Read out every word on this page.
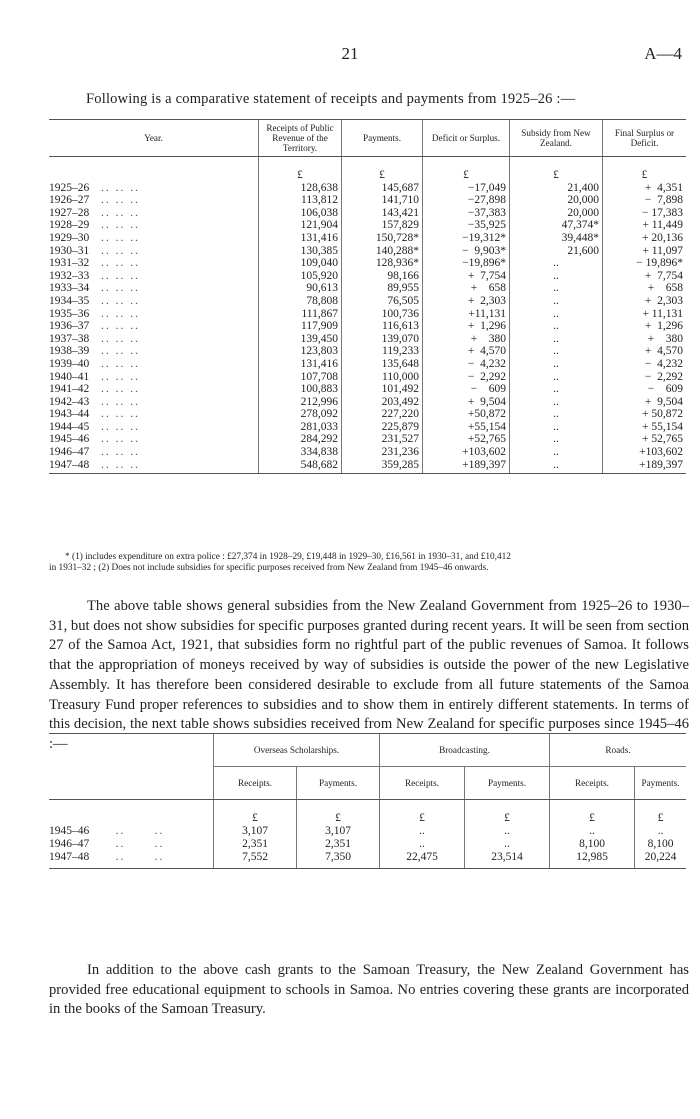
21	A—4
Following is a comparative statement of receipts and payments from 1925–26 :—
Year.	Receipts of Public Revenue of the Territory.	Payments.	Deficit or Surplus.	Subsidy from New Zealand.	Final Surplus or Deficit.
	£	£	£	£	£
1925–26 .. .. ..	128,638	145,687	−17,049	21,400	+  4,351
1926–27 .. .. ..	113,812	141,710	−27,898	20,000	−  7,898
1927–28 .. .. ..	106,038	143,421	−37,383	20,000	− 17,383
1928–29 .. .. ..	121,904	157,829	−35,925	47,374*	+ 11,449
1929–30 .. .. ..	131,416	150,728*	−19,312*	39,448*	+ 20,136
1930–31 .. .. ..	130,385	140,288*	−  9,903*	21,600	+ 11,097
1931–32 .. .. ..	109,040	128,936*	−19,896*	..	− 19,896*
1932–33 .. .. ..	105,920	98,166	+  7,754	..	+  7,754
1933–34 .. .. ..	90,613	89,955	+    658	..	+    658
1934–35 .. .. ..	78,808	76,505	+  2,303	..	+  2,303
1935–36 .. .. ..	111,867	100,736	+11,131	..	+ 11,131
1936–37 .. .. ..	117,909	116,613	+  1,296	..	+  1,296
1937–38 .. .. ..	139,450	139,070	+    380	..	+    380
1938–39 .. .. ..	123,803	119,233	+  4,570	..	+  4,570
1939–40 .. .. ..	131,416	135,648	−  4,232	..	−  4,232
1940–41 .. .. ..	107,708	110,000	−  2,292	..	−  2,292
1941–42 .. .. ..	100,883	101,492	−    609	..	−    609
1942–43 .. .. ..	212,996	203,492	+  9,504	..	+  9,504
1943–44 .. .. ..	278,092	227,220	+50,872	..	+ 50,872
1944–45 .. .. ..	281,033	225,879	+55,154	..	+ 55,154
1945–46 .. .. ..	284,292	231,527	+52,765	..	+ 52,765
1946–47 .. .. ..	334,838	231,236	+103,602	..	+103,602
1947–48 .. .. ..	548,682	359,285	+189,397	..	+189,397
* (1) includes expenditure on extra police : £27,374 in 1928–29, £19,448 in 1929–30, £16,561 in 1930–31, and £10,412
in 1931–32 ; (2) Does not include subsidies for specific purposes received from New Zealand from 1945–46 onwards.
The above table shows general subsidies from the New Zealand Government from 1925–26 to 1930–31, but does not show subsidies for specific purposes granted during recent years. It will be seen from section 27 of the Samoa Act, 1921, that subsidies form no rightful part of the public revenues of Samoa. It follows that the appropriation of moneys received by way of subsidies is outside the power of the new Legislative Assembly. It has therefore been considered desirable to exclude from all future statements of the Samoa Treasury Fund proper references to subsidies and to show them in entirely different statements. In terms of this decision, the next table shows subsidies received from New Zealand for specific purposes since 1945–46 :—
		Overseas Scholarships.		Broadcasting.		Roads.	
	Receipts.	Payments.	Receipts.	Payments.	Receipts.	Payments.
	£	£	£	£	£	£
1945–46   ..      ..	3,107	3,107	..	..	..	..
1946–47   ..      ..	2,351	2,351	..	..	8,100	8,100
1947–48   ..      ..	7,552	7,350	22,475	23,514	12,985	20,224
In addition to the above cash grants to the Samoan Treasury, the New Zealand Government has provided free educational equipment to schools in Samoa. No entries covering these grants are incorporated in the books of the Samoan Treasury.
